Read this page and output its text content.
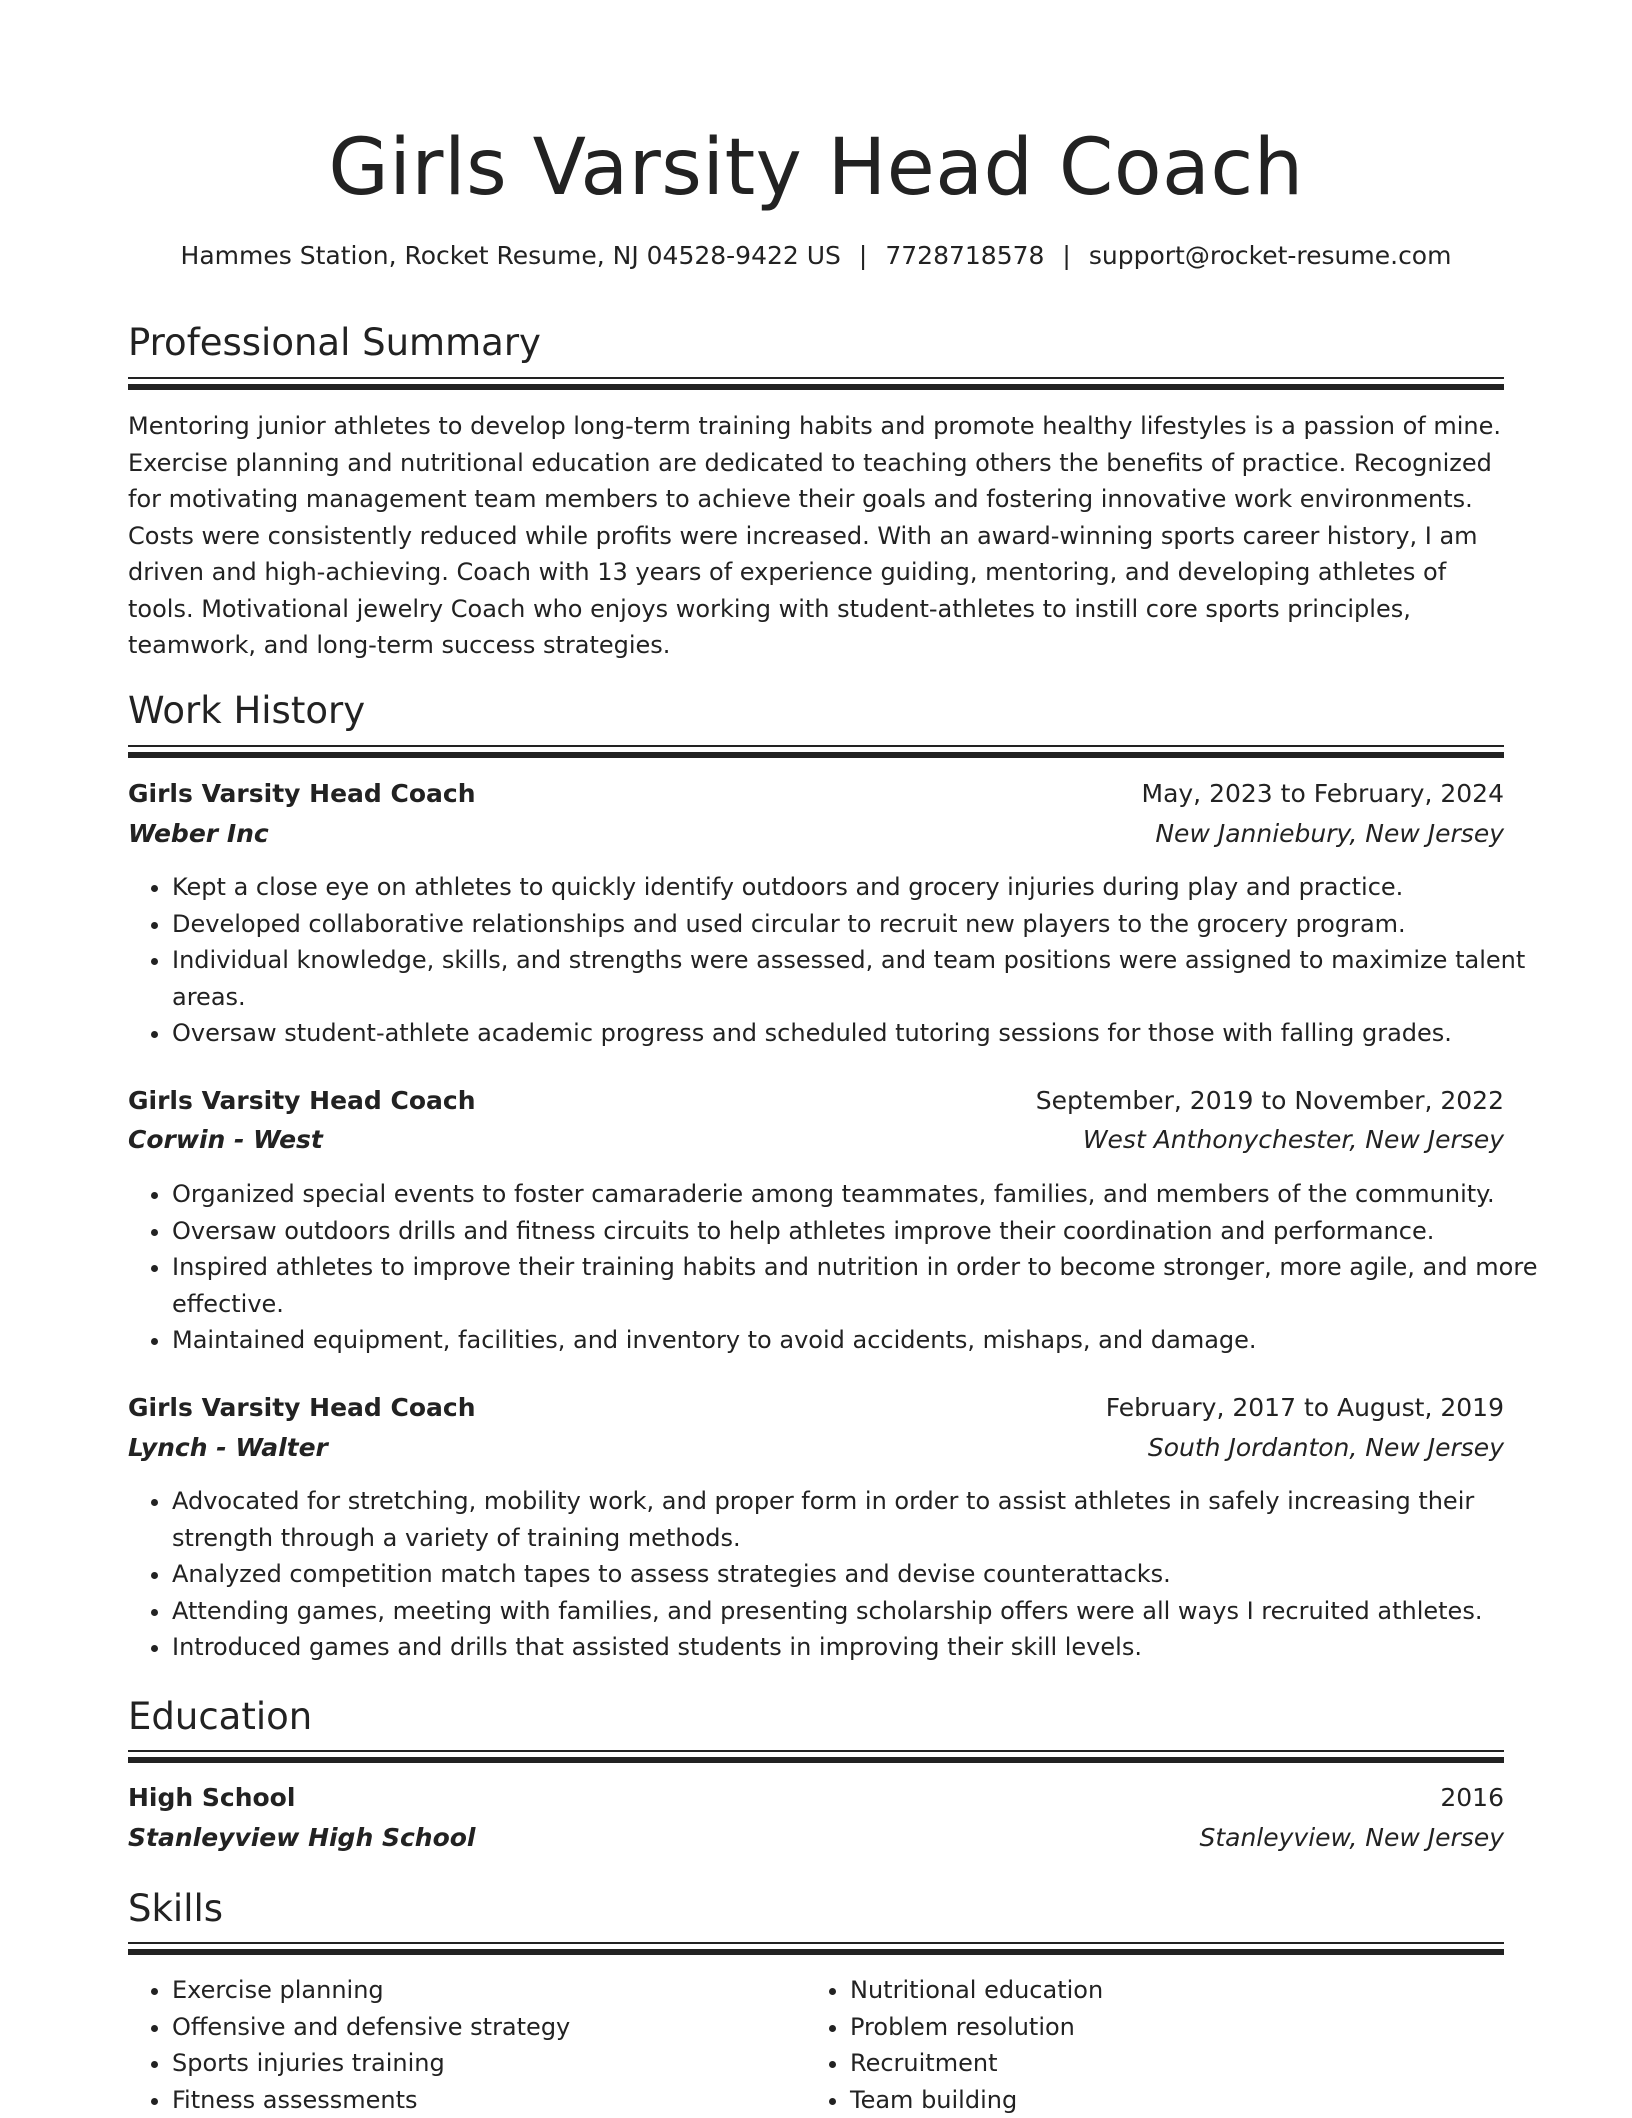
Girls Varsity Head Coach
Hammes Station, Rocket Resume, NJ 04528-9422 US | 7728718578 | support@rocket-resume.com
Professional Summary

Mentoring junior athletes to develop long-term training habits and promote healthy lifestyles is a passion of mine. Exercise planning and nutritional education are dedicated to teaching others the benefits of practice. Recognized for motivating management team members to achieve their goals and fostering innovative work environments. Costs were consistently reduced while profits were increased. With an award-winning sports career history, I am driven and high-achieving. Coach with 13 years of experience guiding, mentoring, and developing athletes of tools. Motivational jewelry Coach who enjoys working with student-athletes to instill core sports principles, teamwork, and long-term success strategies.

Work History
Girls Varsity Head Coach	May, 2023 to February, 2024
Weber Inc	New Janniebury, New Jersey
• Kept a close eye on athletes to quickly identify outdoors and grocery injuries during play and practice.
• Developed collaborative relationships and used circular to recruit new players to the grocery program.
• Individual knowledge, skills, and strengths were assessed, and team positions were assigned to maximize talent areas.
• Oversaw student-athlete academic progress and scheduled tutoring sessions for those with falling grades.
Girls Varsity Head Coach	September, 2019 to November, 2022
Corwin - West	West Anthonychester, New Jersey
• Organized special events to foster camaraderie among teammates, families, and members of the community.
• Oversaw outdoors drills and fitness circuits to help athletes improve their coordination and performance.
• Inspired athletes to improve their training habits and nutrition in order to become stronger, more agile, and more effective.
• Maintained equipment, facilities, and inventory to avoid accidents, mishaps, and damage.
Girls Varsity Head Coach	February, 2017 to August, 2019
Lynch - Walter	South Jordanton, New Jersey
• Advocated for stretching, mobility work, and proper form in order to assist athletes in safely increasing their strength through a variety of training methods.
• Analyzed competition match tapes to assess strategies and devise counterattacks.
• Attending games, meeting with families, and presenting scholarship offers were all ways I recruited athletes.
• Introduced games and drills that assisted students in improving their skill levels.
Education
High School	2016
Stanleyview High School	Stanleyview, New Jersey
Skills
• Exercise planning
• Offensive and defensive strategy
• Sports injuries training
• Fitness assessments
• Nutritional education
• Problem resolution
• Recruitment
• Team building
